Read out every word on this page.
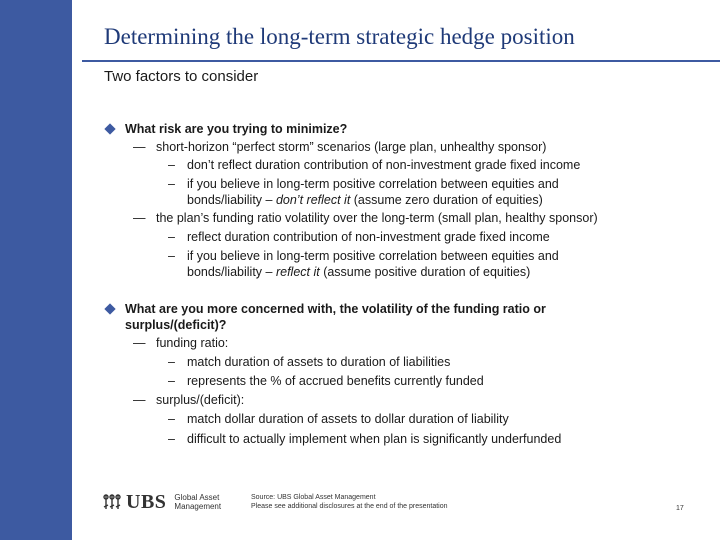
Determining the long-term strategic hedge position
Two factors to consider
What risk are you trying to minimize?
— short-horizon “perfect storm” scenarios (large plan, unhealthy sponsor)
– don’t reflect duration contribution of non-investment grade fixed income
– if you believe in long-term positive correlation between equities and
bonds/liability – don’t reflect it (assume zero duration of equities)
— the plan’s funding ratio volatility over the long-term (small plan, healthy sponsor)
– reflect duration contribution of non-investment grade fixed income
– if you believe in long-term positive correlation between equities and
bonds/liability – reflect it (assume positive duration of equities)
What are you more concerned with, the volatility of the funding ratio or
surplus/(deficit)?
— funding ratio:
– match duration of assets to duration of liabilities
– represents the % of accrued benefits currently funded
— surplus/(deficit):
– match dollar duration of assets to dollar duration of liability
– difficult to actually implement when plan is significantly underfunded
UBS Global Asset
Management
Source: UBS Global Asset Management
Please see additional disclosures at the end of the presentation	17
